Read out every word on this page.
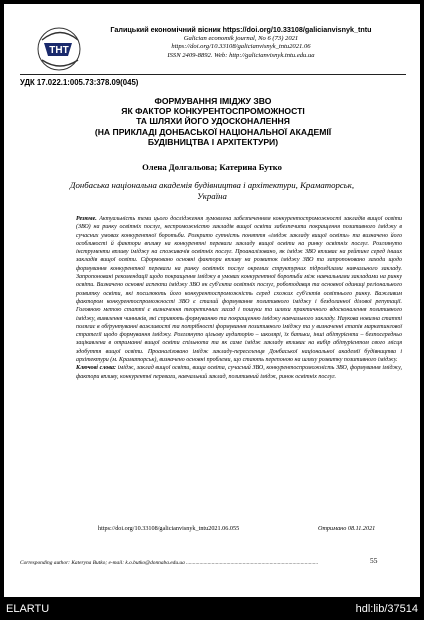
ТНТ
Галицький економічний вісник https://doi.org/10.33108/galicianvisnyk_tntu
Galician economik journal, No 6 (73) 2021
https://doi.org/10.33108/galicianvisnyk_tntu2021.06
ISSN 2409-8892. Web: http://galicianvisnyk.tntu.edu.ua
УДК 17.022.1:005.73:378.09(045)
ФОРМУВАННЯ ІМІДЖУ ЗВО
ЯК ФАКТОР КОНКУРЕНТОСПРОМОЖНОСТІ
ТА ШЛЯХИ ЙОГО УДОСКОНАЛЕННЯ
(НА ПРИКЛАДІ ДОНБАСЬКОЇ НАЦІОНАЛЬНОЇ АКАДЕМІЇ
БУДІВНИЦТВА І АРХІТЕКТУРИ)
Олена Долгальова; Катерина Бутко
Донбаська національна академія будівництва і архітектури, Краматорськ, Україна

Резюме. Актуальність теми цього дослідження зумовлена забезпеченням конкурентоспроможності закладів вищої освіти (ЗВО) на ринку освітніх послуг, неспроможністю закладів вищої освіти забезпечити покращення позитивного іміджу в сучасних умовах конкурентної боротьби. Розкрито сутність поняття «імідж закладу вищої освіти» та визначено його особливості й фактори впливу на конкурентні переваги закладу вищої освіти на ринку освітніх послуг. Розглянуто інструменти впливу іміджу на споживачів освітніх послуг. Проаналізовано, як імідж ЗВО впливає на рейтинг серед інших закладів вищої освіти. Сформовано основні фактори впливу на розвиток іміджу ЗВО та запропоновано заходи щодо формування конкурентної переваги на ринку освітніх послуг окремих структурних підрозділами навчального закладу. Запропоновані рекомендації щодо покращення іміджу в умовах конкурентної боротьби між навчальними закладами на ринку освіти. Визначено основні аспекти іміджу ЗВО як суб'єкта освітніх послуг, роботодавця та основної одиниці регіонального розвитку освіти, які посилюють його конкурентоспроможність серед схожих суб'єктів освітнього ринку. Важливим фактором конкурентоспроможності ЗВО є сталий формування позитивного іміджу і бездоганної ділової репутації. Головною метою статті є визначення теоретичних засад і пошуки та шляхи практичного вдосконалення позитивного іміджу, виявлення чинників, які сприяють формуванню та покращенню іміджу навчального закладу. Наукова новизна статті полягає в обґрунтуванні важливості та потрібності формування позитивного іміджу та у визначенні етапів маркетингової стратегії щодо формування іміджу. Розглянуто цільову аудиторію – школярі, їх батьки, інші абітурієнти – безпосередньо зацікавлена в отриманні вищої освіти спільнота та як саме імідж закладу впливає на вибір абітурієнтом свого місця здобуття вищої освіти. Проаналізовано імідж закладу-переселенця Донбаської національної академії будівництва і архітектури (м. Краматорськ), визначено основні проблеми, що стають перепоною на шляху розвитку позитивного іміджу.
Ключові слова: імідж, заклад вищої освіти, вища освіта, сучасний ЗВО, конкурентоспроможність ЗВО, формування іміджу, фактори впливу, конкурентні переваги, навчальний заклад, позитивний імідж, ринок освітніх послуг.

https://doi.org/10.33108/galicianvisnyk_tntu2021.06.055	Отримано 08.11.2021
Corresponding author: Kateryna Butko; e-mail: k.o.butko@donnaba.edu.ua ..................................................................................................	55
ELARTU	hdl:lib/37514
